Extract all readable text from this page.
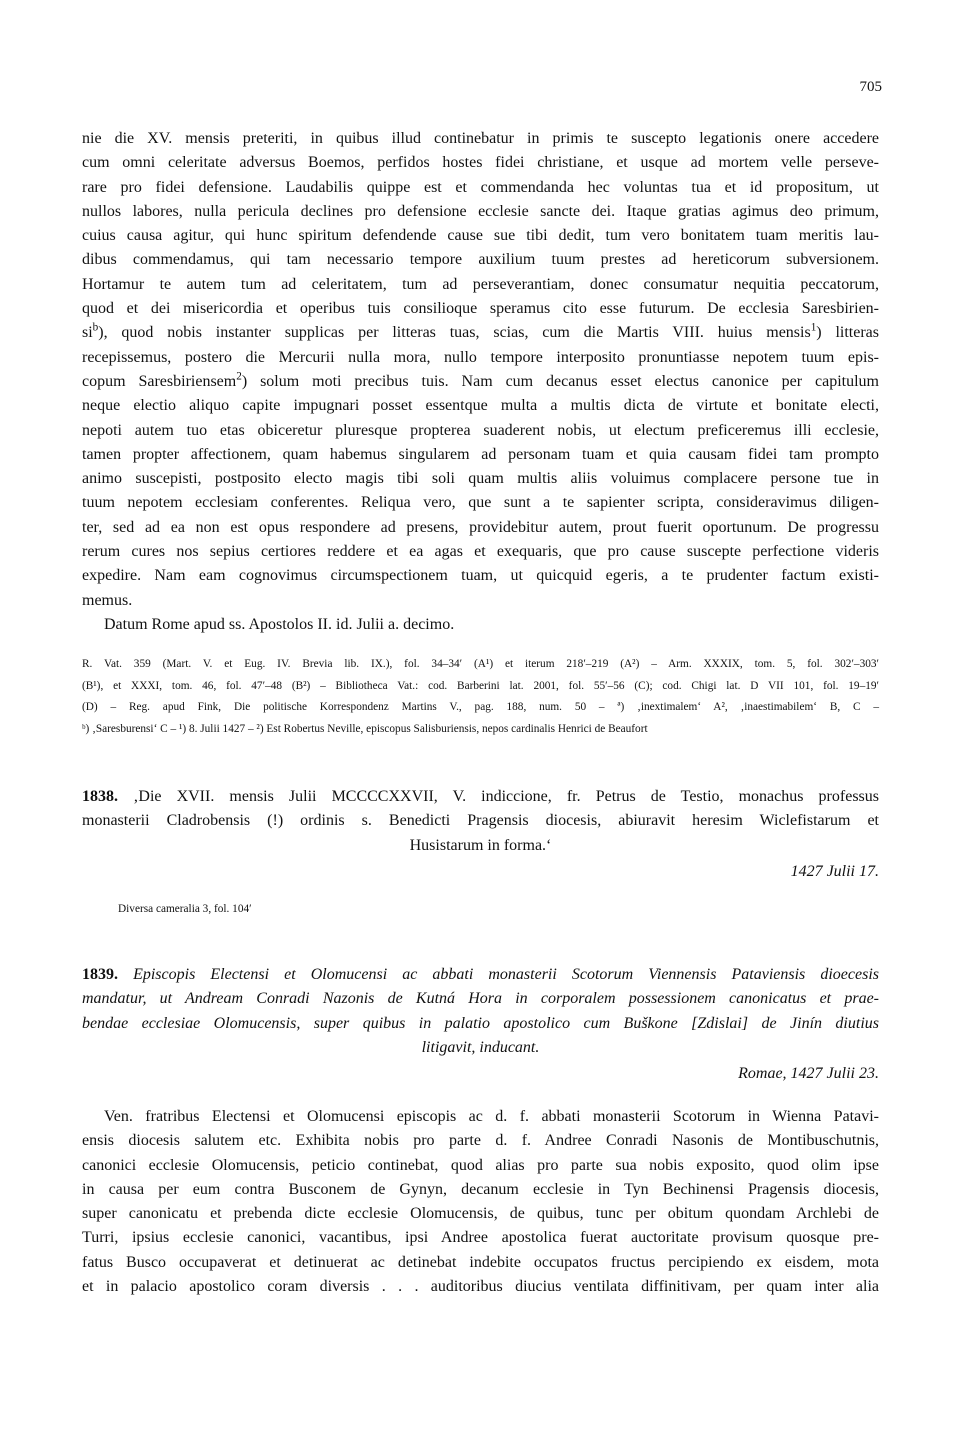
705
nie die XV. mensis preteriti, in quibus illud continebatur in primis te suscepto legationis onere accedere
cum omni celeritate adversus Boemos, perfidos hostes fidei christiane, et usque ad mortem velle perseve-
rare pro fidei defensione. Laudabilis quippe est et commendanda hec voluntas tua et id propositum, ut
nullos labores, nulla pericula declines pro defensione ecclesie sancte dei. Itaque gratias agimus deo primum,
cuius causa agitur, qui hunc spiritum defendende cause sue tibi dedit, tum vero bonitatem tuam meritis lau-
dibus commendamus, qui tam necessario tempore auxilium tuum prestes ad hereticorum subversionem.
Hortamur te autem tum ad celeritatem, tum ad perseverantiam, donec consumatur nequitia peccatorum,
quod et dei misericordia et operibus tuis consilioque speramus cito esse futurum. De ecclesia Saresbirien-
$si^b$), quod nobis instanter supplicas per litteras tuas, scias, cum die Martis VIII. huius mensis$^1$) litteras
recepissemus, postero die Mercurii nulla mora, nullo tempore interposito pronuntiasse nepotem tuum epis-
copum Saresbiriensem$^2$) solum moti precibus tuis. Nam cum decanus esset electus canonice per capitulum
neque electio aliquo capite impugnari posset essentque multa a multis dicta de virtute et bonitate electi,
nepoti autem tuo etas obiceretur pluresque propterea suaderent nobis, ut electum preficeremus illi ecclesie,
tamen propter affectionem, quam habemus singularem ad personam tuam et quia causam fidei tam prompto
animo suscepisti, postposito electo magis tibi soli quam multis aliis voluimus complacere persone tue in
tuum nepotem ecclesiam conferentes. Reliqua vero, que sunt a te sapienter scripta, consideravimus diligen-
ter, sed ad ea non est opus respondere ad presens, providebitur autem, prout fuerit oportunum. De progressu
rerum cures nos sepius certiores reddere et ea agas et exequaris, que pro cause suscepte perfectione videris
expedire. Nam eam cognovimus circumspectionem tuam, ut quicquid egeris, a te prudenter factum existi-
memus.
Datum Rome apud ss. Apostolos II. id. Julii a. decimo.
R. Vat. 359 (Mart. V. et Eug. IV. Brevia lib. IX.), fol. 34–34′ (A¹) et iterum 218′–219 (A²) – Arm. XXXIX, tom. 5, fol. 302′–303′
(B¹), et XXXI, tom. 46, fol. 47′–48 (B²) – Bibliotheca Vat.: cod. Barberini lat. 2001, fol. 55′–56 (C); cod. Chigi lat. D VII 101, fol. 19–19′
(D) – Reg. apud Fink, Die politische Korrespondenz Martins V., pag. 188, num. 50 – ª) ‚inextimalem‘ A², ‚inaestimabilem‘ B, C –
ᵇ) ‚Saresburensi‘ C – ¹) 8. Julii 1427 – ²) Est Robertus Neville, episcopus Salisburiensis, nepos cardinalis Henrici de Beaufort
1838. ‚Die XVII. mensis Julii MCCCCXXVII, V. indiccione, fr. Petrus de Testio, monachus professus
monasterii Cladrobensis (!) ordinis s. Benedicti Pragensis diocesis, abiuravit heresim Wiclefistarum et
Husistarum in forma.‘
1427 Julii 17.
Diversa cameralia 3, fol. 104′
1839. Episcopis Electensi et Olomucensi ac abbati monasterii Scotorum Viennensis Pataviensis dioecesis
mandatur, ut Andream Conradi Nazonis de Kutná Hora in corporalem possessionem canonicatus et prae-
bendae ecclesiae Olomucensis, super quibus in palatio apostolico cum Buškone [Zdislai] de Jinín diutius
litigavit, inducant.
Romae, 1427 Julii 23.
Ven. fratribus Electensi et Olomucensi episcopis ac d. f. abbati monasterii Scotorum in Wienna Patavi-
ensis diocesis salutem etc. Exhibita nobis pro parte d. f. Andree Conradi Nasonis de Montibuschutnis,
canonici ecclesie Olomucensis, peticio continebat, quod alias pro parte sua nobis exposito, quod olim ipse
in causa per eum contra Busconem de Gynyn, decanum ecclesie in Tyn Bechinensi Pragensis diocesis,
super canonicatu et prebenda dicte ecclesie Olomucensis, de quibus, tunc per obitum quondam Archlebi de
Turri, ipsius ecclesie canonici, vacantibus, ipsi Andree apostolica fuerat auctoritate provisum quosque pre-
fatus Busco occupaverat et detinuerat ac detinebat indebite occupatos fructus percipiendo ex eisdem, mota
et in palacio apostolico coram diversis . . . auditoribus diucius ventilata diffinitivam, per quam inter alia
